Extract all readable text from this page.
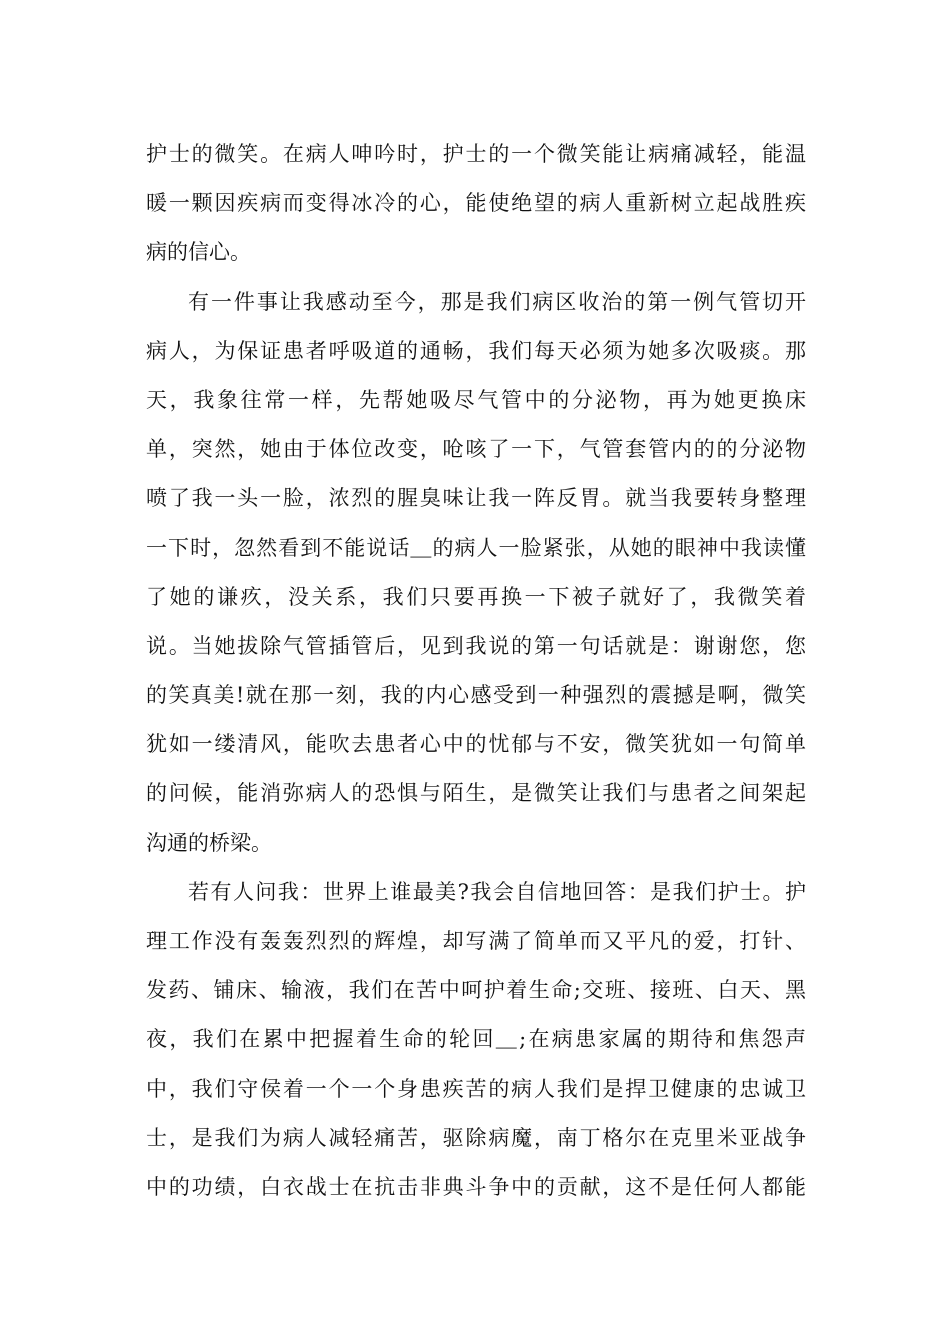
护士的微笑。在病人呻吟时，护士的一个微笑能让病痛减轻，能温
暖一颗因疾病而变得冰冷的心，能使绝望的病人重新树立起战胜疾
病的信心。
有一件事让我感动至今，那是我们病区收治的第一例气管切开
病人，为保证患者呼吸道的通畅，我们每天必须为她多次吸痰。那
天，我象往常一样，先帮她吸尽气管中的分泌物，再为她更换床
单，突然，她由于体位改变，呛咳了一下，气管套管内的的分泌物
喷了我一头一脸，浓烈的腥臭味让我一阵反胃。就当我要转身整理
一下时，忽然看到不能说话＿的病人一脸紧张，从她的眼神中我读懂
了她的谦疚，没关系，我们只要再换一下被子就好了，我微笑着
说。当她拔除气管插管后，见到我说的第一句话就是：谢谢您，您
的笑真美!就在那一刻，我的内心感受到一种强烈的震撼是啊，微笑
犹如一缕清风，能吹去患者心中的忧郁与不安，微笑犹如一句简单
的问候，能消弥病人的恐惧与陌生，是微笑让我们与患者之间架起
沟通的桥梁。
若有人问我：世界上谁最美?我会自信地回答：是我们护士。护
理工作没有轰轰烈烈的辉煌，却写满了简单而又平凡的爱，打针、
发药、铺床、输液，我们在苦中呵护着生命;交班、接班、白天、黑
夜，我们在累中把握着生命的轮回＿;在病患家属的期待和焦怨声
中，我们守侯着一个一个身患疾苦的病人我们是捍卫健康的忠诚卫
士，是我们为病人减轻痛苦，驱除病魔，南丁格尔在克里米亚战争
中的功绩，白衣战士在抗击非典斗争中的贡献，这不是任何人都能
